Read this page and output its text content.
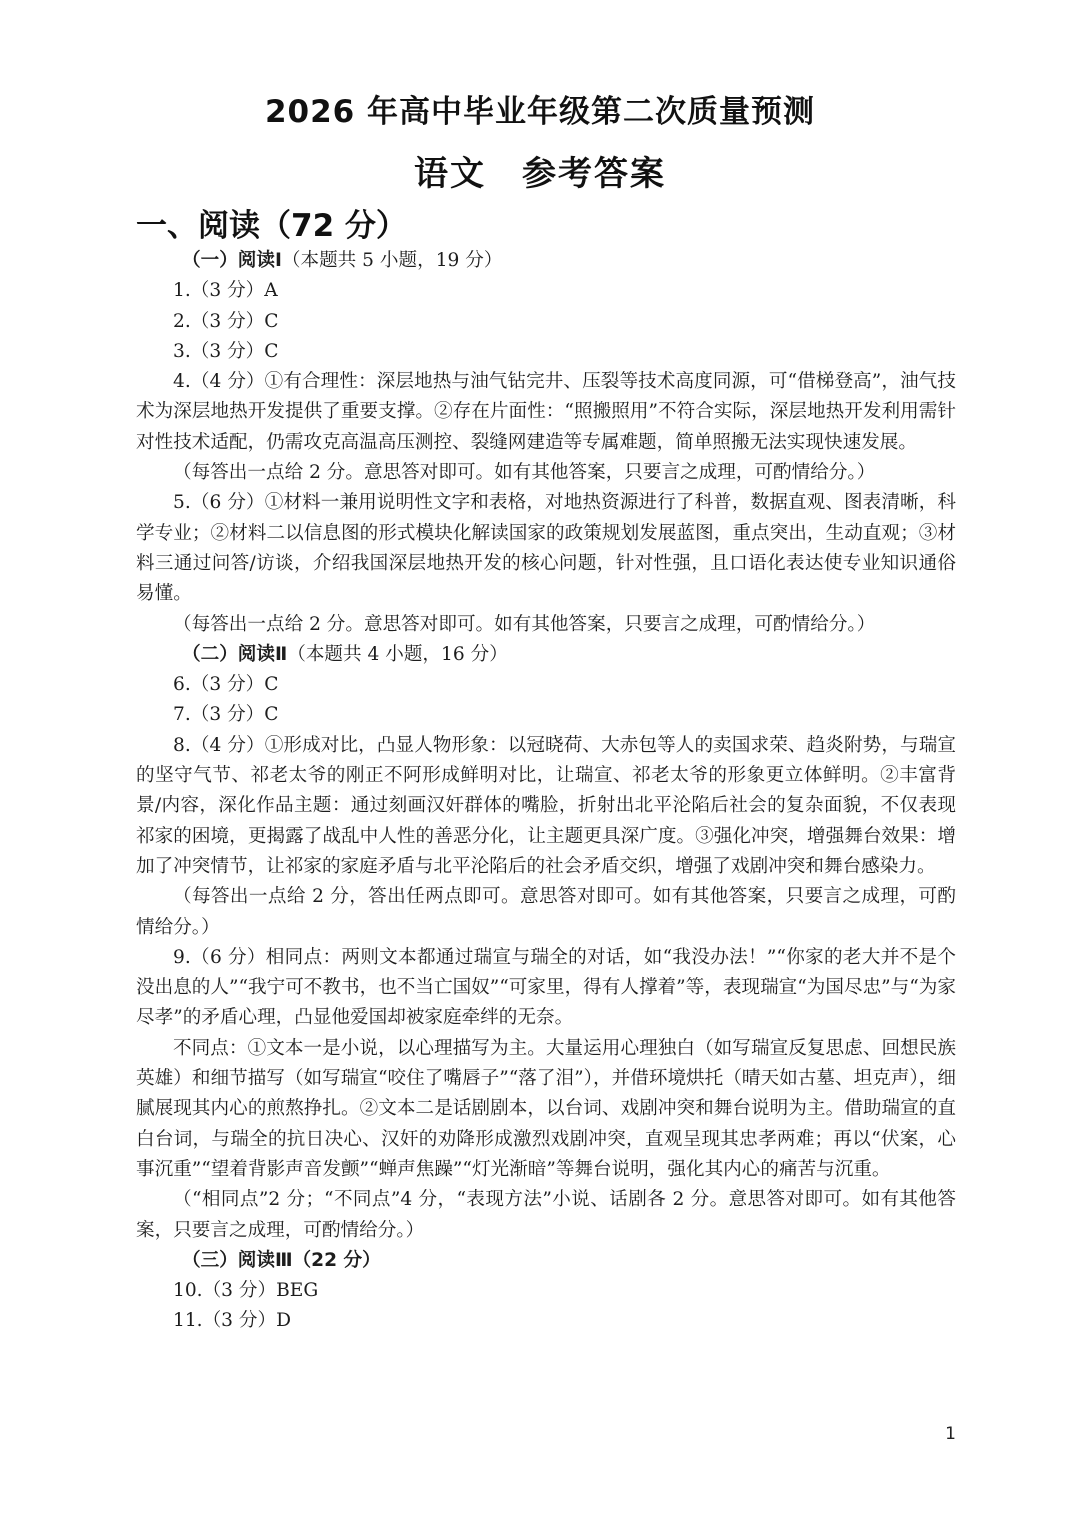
2026 年高中毕业年级第二次质量预测
语文 参考答案
一、阅读（72 分）

（一）阅读Ⅰ（本题共 5 小题，19 分）

1.（3 分）A

2.（3 分）C

3.（3 分）C

4.（4 分）①有合理性：深层地热与油气钻完井、压裂等技术高度同源，可“借梯登高”，油气技术为深层地热开发提供了重要支撑。②存在片面性：“照搬照用”不符合实际，深层地热开发利用需针对性技术适配，仍需攻克高温高压测控、裂缝网建造等专属难题，简单照搬无法实现快速发展。

（每答出一点给 2 分。意思答对即可。如有其他答案，只要言之成理，可酌情给分。）

5.（6 分）①材料一兼用说明性文字和表格，对地热资源进行了科普，数据直观、图表清晰，科学专业；②材料二以信息图的形式模块化解读国家的政策规划发展蓝图，重点突出，生动直观；③材料三通过问答/访谈，介绍我国深层地热开发的核心问题，针对性强，且口语化表达使专业知识通俗易懂。

（每答出一点给 2 分。意思答对即可。如有其他答案，只要言之成理，可酌情给分。）

（二）阅读Ⅱ（本题共 4 小题，16 分）

6.（3 分）C

7.（3 分）C

8.（4 分）①形成对比，凸显人物形象：以冠晓荷、大赤包等人的卖国求荣、趋炎附势，与瑞宣的坚守气节、祁老太爷的刚正不阿形成鲜明对比，让瑞宣、祁老太爷的形象更立体鲜明。②丰富背景/内容，深化作品主题：通过刻画汉奸群体的嘴脸，折射出北平沦陷后社会的复杂面貌，不仅表现祁家的困境，更揭露了战乱中人性的善恶分化，让主题更具深广度。③强化冲突，增强舞台效果：增加了冲突情节，让祁家的家庭矛盾与北平沦陷后的社会矛盾交织，增强了戏剧冲突和舞台感染力。

（每答出一点给 2 分，答出任两点即可。意思答对即可。如有其他答案，只要言之成理，可酌情给分。）

9.（6 分）相同点：两则文本都通过瑞宣与瑞全的对话，如“我没办法！”“你家的老大并不是个没出息的人”“我宁可不教书，也不当亡国奴”“可家里，得有人撑着”等，表现瑞宣“为国尽忠”与“为家尽孝”的矛盾心理，凸显他爱国却被家庭牵绊的无奈。

不同点：①文本一是小说，以心理描写为主。大量运用心理独白（如写瑞宣反复思虑、回想民族英雄）和细节描写（如写瑞宣“咬住了嘴唇子”“落了泪”），并借环境烘托（晴天如古墓、坦克声），细腻展现其内心的煎熬挣扎。②文本二是话剧剧本，以台词、戏剧冲突和舞台说明为主。借助瑞宣的直白台词，与瑞全的抗日决心、汉奸的劝降形成激烈戏剧冲突，直观呈现其忠孝两难；再以“伏案，心事沉重”“望着背影声音发颤”“蝉声焦躁”“灯光渐暗”等舞台说明，强化其内心的痛苦与沉重。

（“相同点”2 分；“不同点”4 分，“表现方法”小说、话剧各 2 分。意思答对即可。如有其他答案，只要言之成理，可酌情给分。）

（三）阅读Ⅲ（22 分）

10.（3 分）BEG

11.（3 分）D

1
